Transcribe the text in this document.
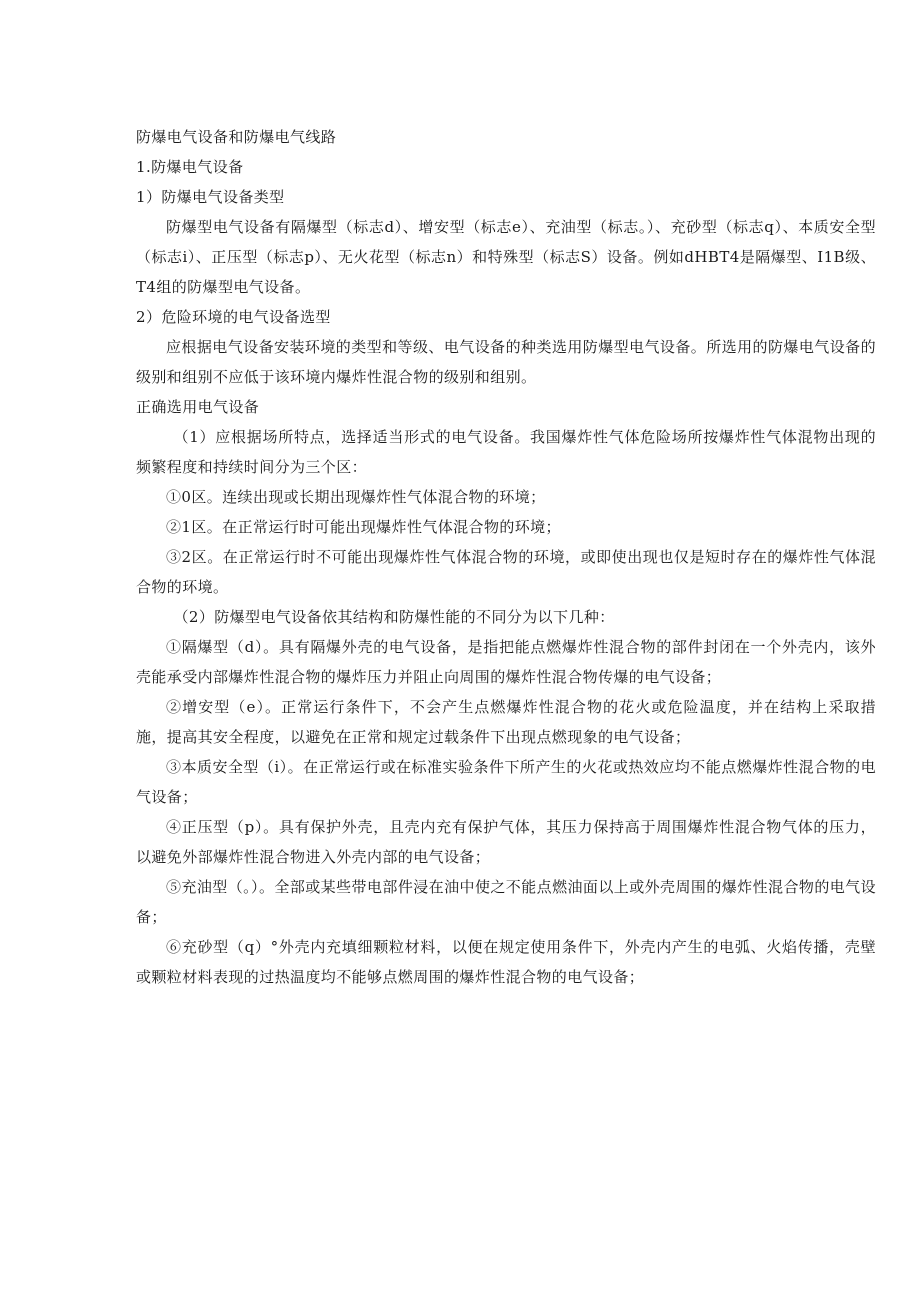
防爆电气设备和防爆电气线路

1.防爆电气设备

1）防爆电气设备类型

防爆型电气设备有隔爆型（标志d）、增安型（标志e）、充油型（标志。）、充砂型（标志q）、本质安全型（标志i）、正压型（标志p）、无火花型（标志n）和特殊型（标志S）设备。例如dHBT4是隔爆型、I1B级、T4组的防爆型电气设备。

2）危险环境的电气设备选型

应根据电气设备安装环境的类型和等级、电气设备的种类选用防爆型电气设备。所选用的防爆电气设备的级别和组别不应低于该环境内爆炸性混合物的级别和组别。

正确选用电气设备

（1）应根据场所特点，选择适当形式的电气设备。我国爆炸性气体危险场所按爆炸性气体混物出现的频繁程度和持续时间分为三个区：

①0区。连续出现或长期出现爆炸性气体混合物的环境；

②1区。在正常运行时可能出现爆炸性气体混合物的环境；

③2区。在正常运行时不可能出现爆炸性气体混合物的环境，或即使出现也仅是短时存在的爆炸性气体混合物的环境。

（2）防爆型电气设备依其结构和防爆性能的不同分为以下几种：

①隔爆型（d）。具有隔爆外壳的电气设备，是指把能点燃爆炸性混合物的部件封闭在一个外壳内，该外壳能承受内部爆炸性混合物的爆炸压力并阻止向周围的爆炸性混合物传爆的电气设备；

②增安型（e）。正常运行条件下，不会产生点燃爆炸性混合物的花火或危险温度，并在结构上采取措施，提高其安全程度，以避免在正常和规定过载条件下出现点燃现象的电气设备；

③本质安全型（i）。在正常运行或在标准实验条件下所产生的火花或热效应均不能点燃爆炸性混合物的电气设备；

④正压型（p）。具有保护外壳，且壳内充有保护气体，其压力保持高于周围爆炸性混合物气体的压力，以避免外部爆炸性混合物进入外壳内部的电气设备；

⑤充油型（。）。全部或某些带电部件浸在油中使之不能点燃油面以上或外壳周围的爆炸性混合物的电气设备；

⑥充砂型（q）°外壳内充填细颗粒材料，以便在规定使用条件下，外壳内产生的电弧、火焰传播，壳壁或颗粒材料表现的过热温度均不能够点燃周围的爆炸性混合物的电气设备；
